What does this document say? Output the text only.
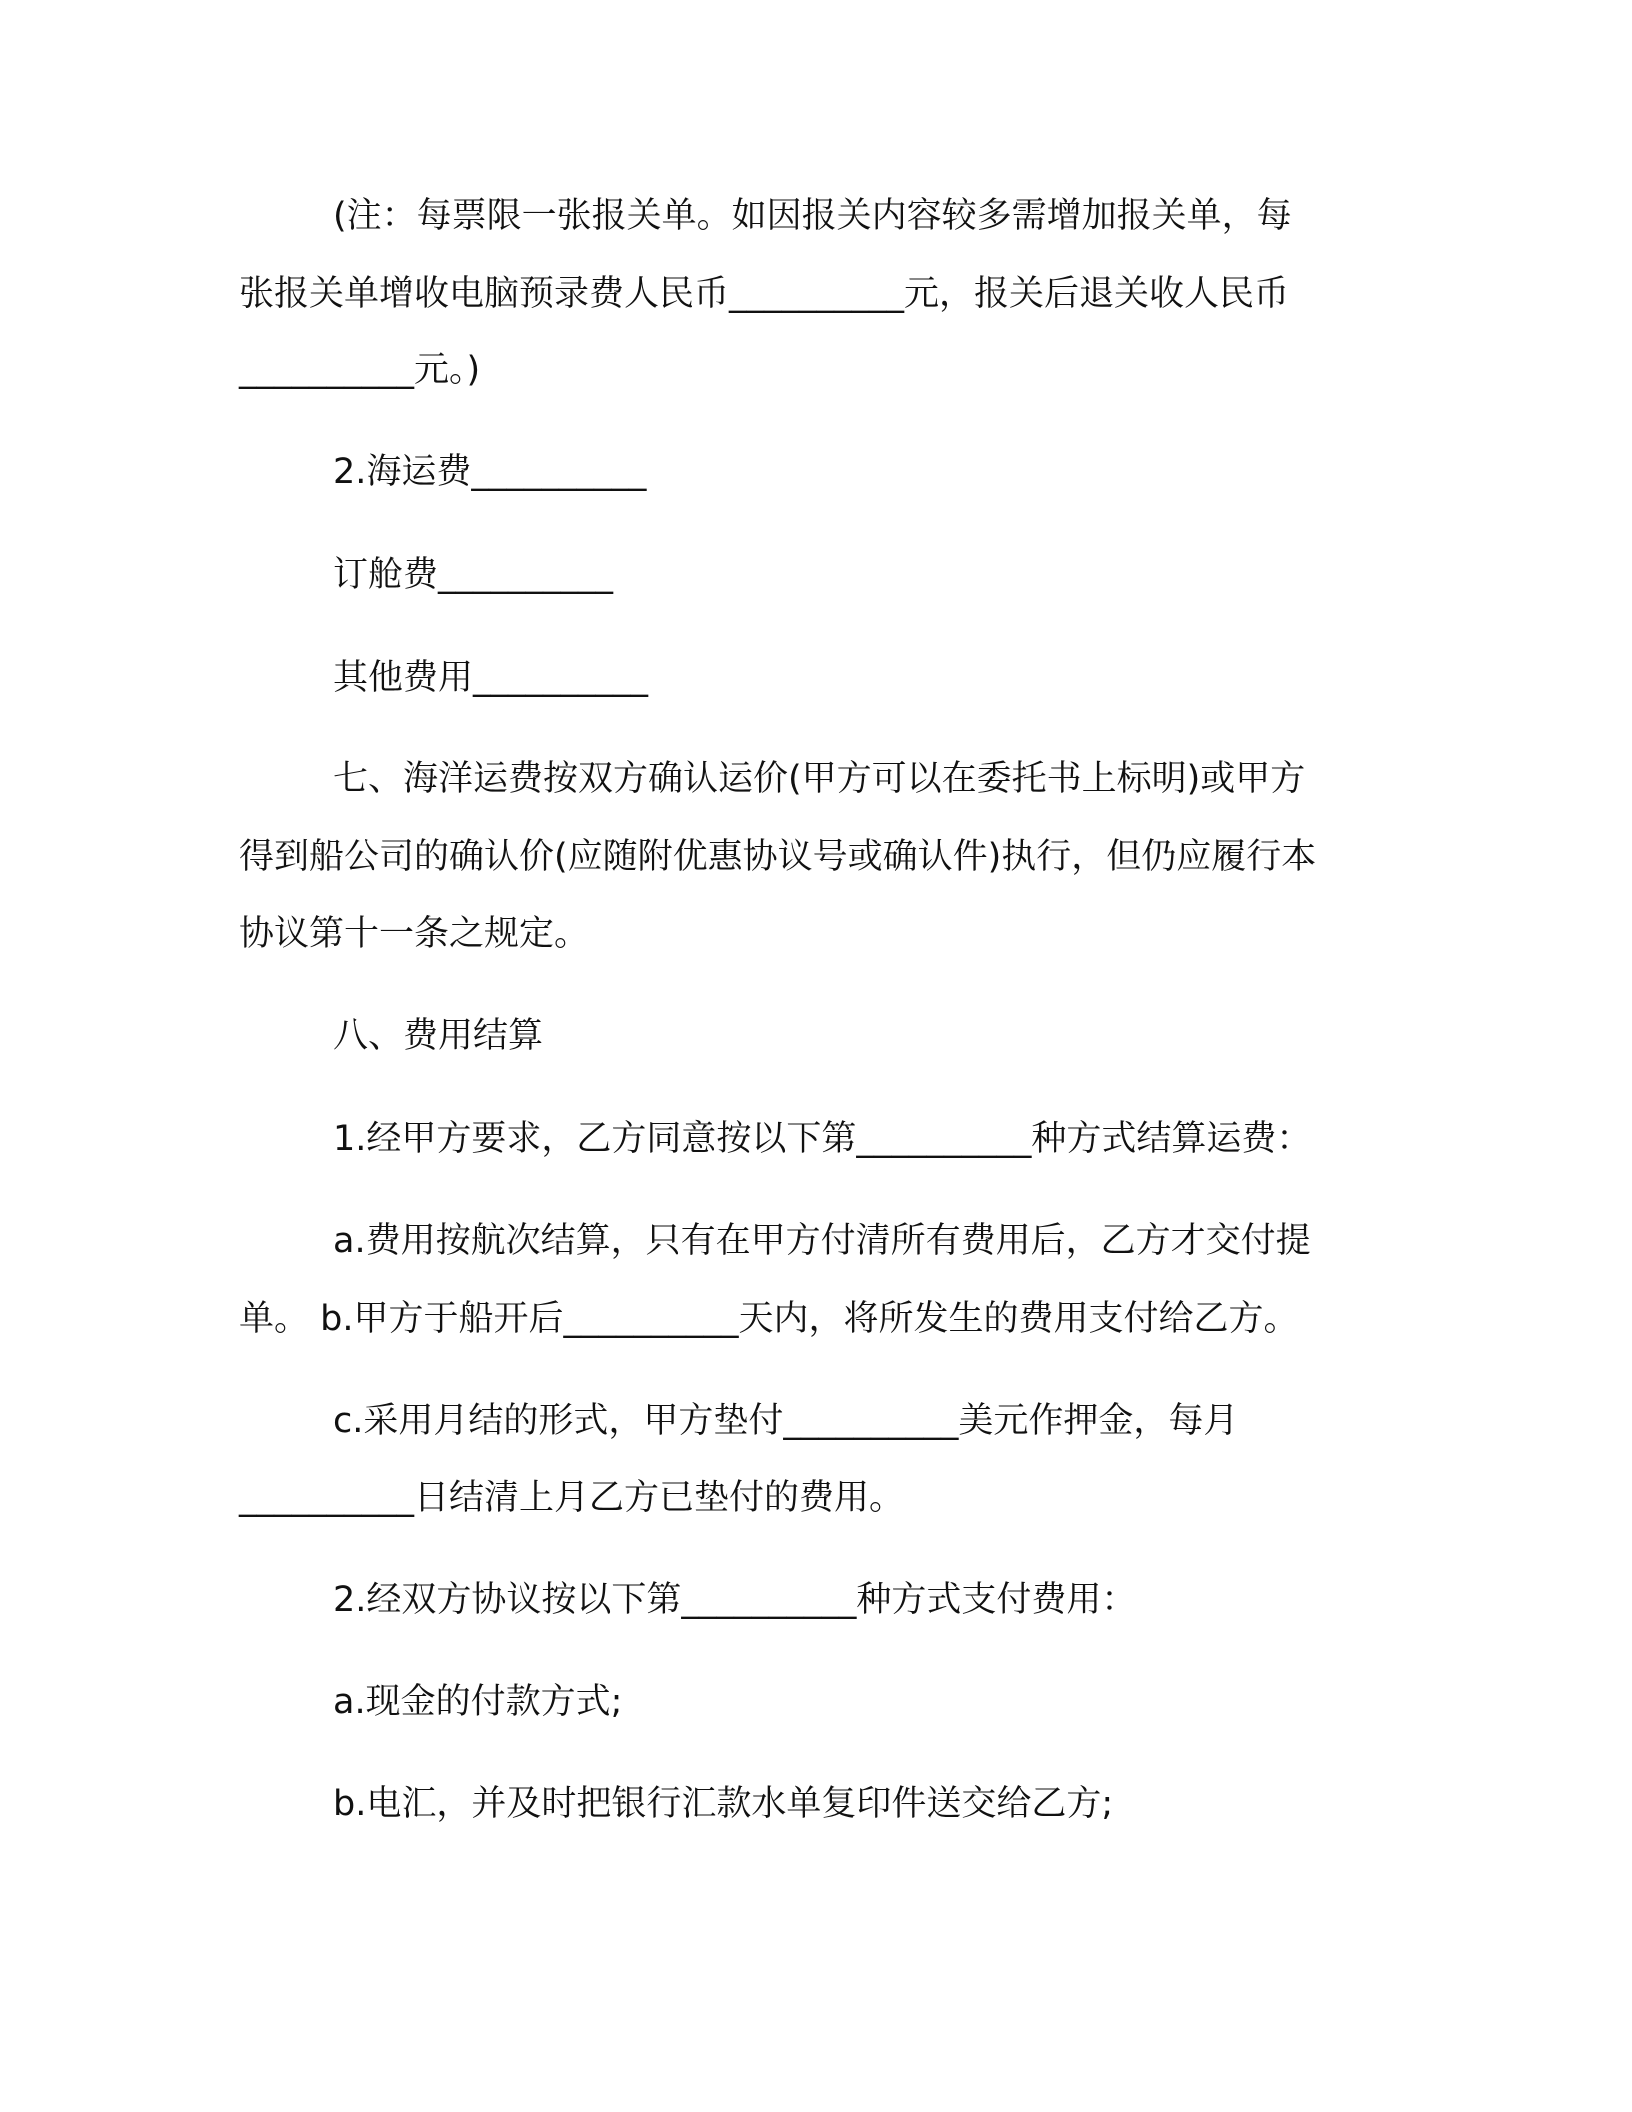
(注：每票限一张报关单。如因报关内容较多需增加报关单，每
张报关单增收电脑预录费人民币__________元，报关后退关收人民币
__________元。)
2.海运费__________
订舱费__________
其他费用__________
七、海洋运费按双方确认运价(甲方可以在委托书上标明)或甲方
得到船公司的确认价(应随附优惠协议号或确认件)执行，但仍应履行本
协议第十一条之规定。
八、费用结算
1.经甲方要求，乙方同意按以下第__________种方式结算运费：
a.费用按航次结算，只有在甲方付清所有费用后，乙方才交付提
单。 b.甲方于船开后__________天内，将所发生的费用支付给乙方。
c.采用月结的形式，甲方垫付__________美元作押金，每月
__________日结清上月乙方已垫付的费用。
2.经双方协议按以下第__________种方式支付费用：
a.现金的付款方式;
b.电汇，并及时把银行汇款水单复印件送交给乙方;
